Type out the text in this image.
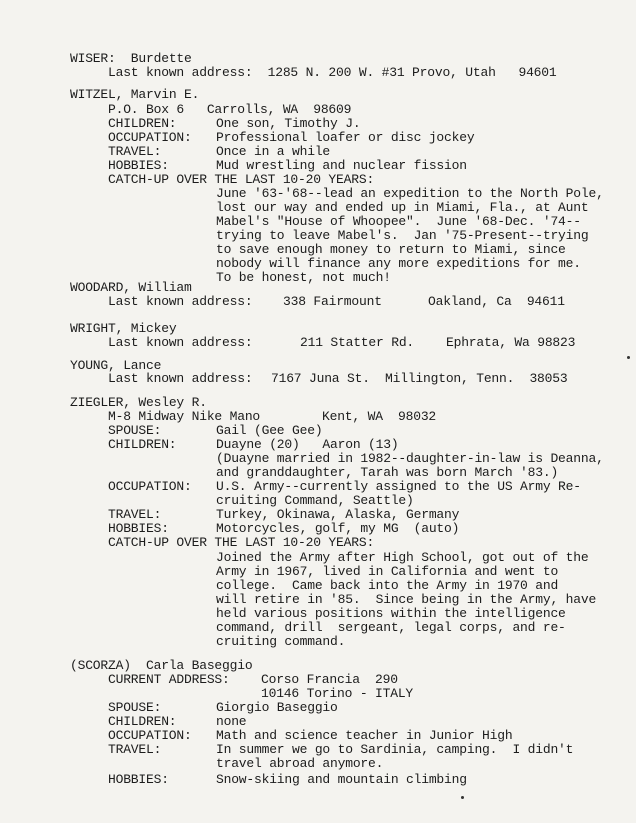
WISER:  Burdette
Last known address:  1285 N. 200 W. #31 Provo, Utah   94601
WITZEL, Marvin E.
P.O. Box 6   Carrolls, WA  98609
CHILDREN:	One son, Timothy J.
OCCUPATION: Professional loafer or disc jockey
TRAVEL:	Once in a while
HOBBIES:	Mud wrestling and nuclear fission
CATCH-UP OVER THE LAST 10-20 YEARS:
June '63-'68--lead an expedition to the North Pole,
lost our way and ended up in Miami, Fla., at Aunt
Mabel's "House of Whoopee".  June '68-Dec. '74--
trying to leave Mabel's.  Jan '75-Present--trying
to save enough money to return to Miami, since
nobody will finance any more expeditions for me.
To be honest, not much!
WOODARD, William
Last known address: 338 Fairmount	Oakland, Ca  94611
WRIGHT, Mickey
Last known address:	211 Statter Rd. Ephrata, Wa 98823
YOUNG, Lance
Last known address: 7167 Juna St.  Millington, Tenn.  38053
ZIEGLER, Wesley R.
M-8 Midway Nike Mano	Kent, WA  98032
SPOUSE:	Gail (Gee Gee)
CHILDREN:	Duayne (20)   Aaron (13)
(Duayne married in 1982--daughter-in-law is Deanna,
and granddaughter, Tarah was born March '83.)
OCCUPATION: U.S. Army--currently assigned to the US Army Re-
cruiting Command, Seattle)
TRAVEL:	Turkey, Okinawa, Alaska, Germany
HOBBIES:	Motorcycles, golf, my MG  (auto)
CATCH-UP OVER THE LAST 10-20 YEARS:
Joined the Army after High School, got out of the
Army in 1967, lived in California and went to
college.  Came back into the Army in 1970 and
will retire in '85.  Since being in the Army, have
held various positions within the intelligence
command, drill  sergeant, legal corps, and re-
cruiting command.
(SCORZA)  Carla Baseggio
CURRENT ADDRESS: Corso Francia  290
10146 Torino - ITALY
SPOUSE:	Giorgio Baseggio
CHILDREN:	none
OCCUPATION: Math and science teacher in Junior High
TRAVEL:	In summer we go to Sardinia, camping.  I didn't
travel abroad anymore.
HOBBIES:	Snow-skiing and mountain climbing
